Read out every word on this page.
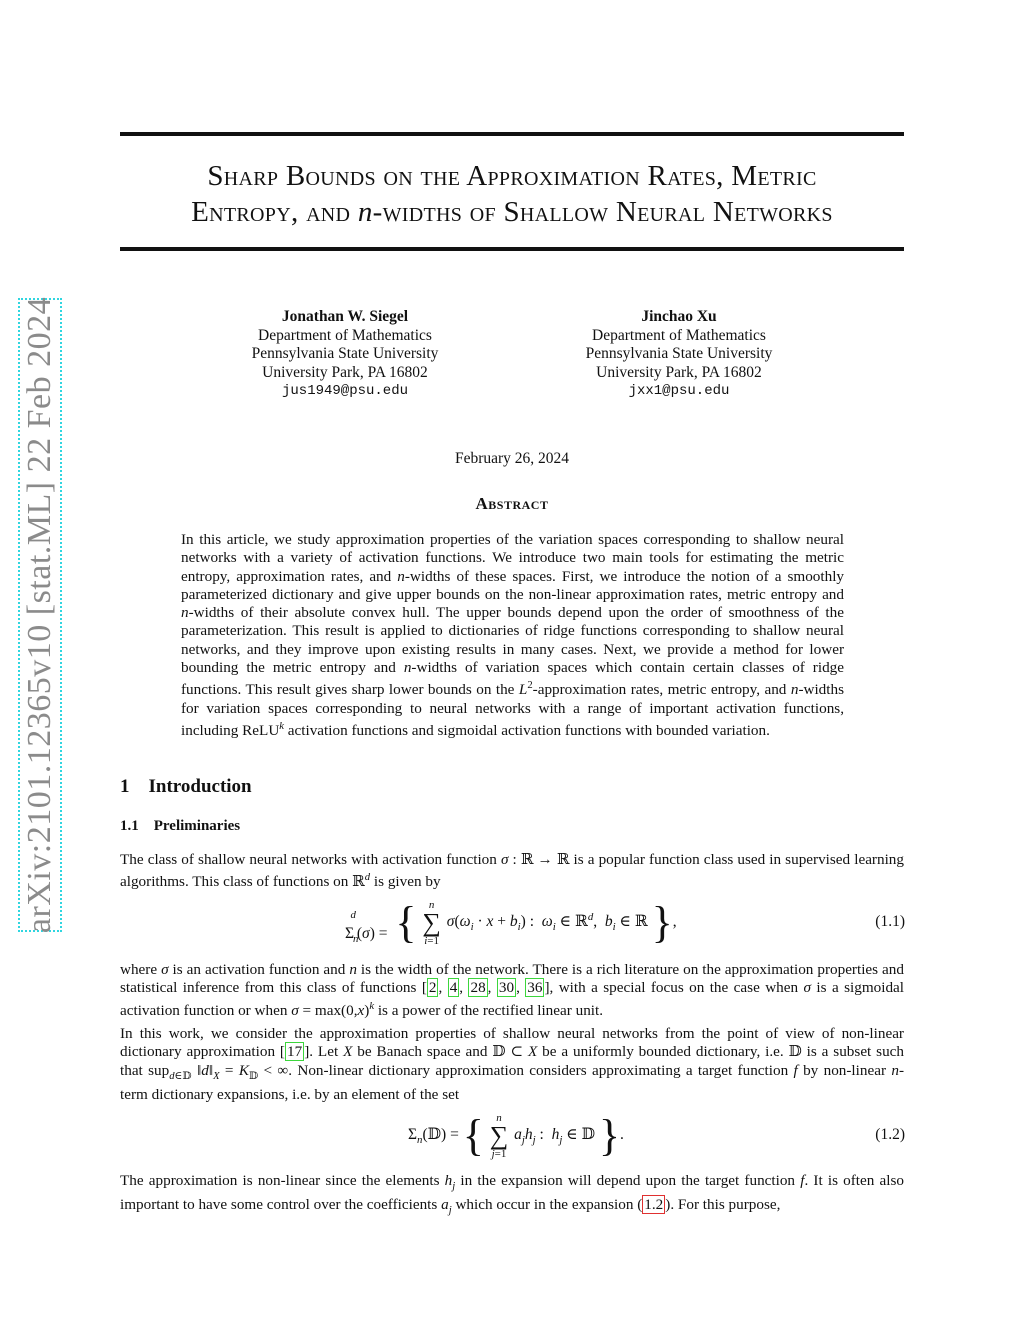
arXiv:2101.12365v10 [stat.ML] 22 Feb 2024
Sharp Bounds on the Approximation Rates, Metric
Entropy, and n-widths of Shallow Neural Networks
Jonathan W. Siegel
Department of Mathematics
Pennsylvania State University
University Park, PA 16802
jus1949@psu.edu
Jinchao Xu
Department of Mathematics
Pennsylvania State University
University Park, PA 16802
jxx1@psu.edu
February 26, 2024
Abstract
In this article, we study approximation properties of the variation spaces corresponding to shallow neural networks with a variety of activation functions. We introduce two main tools for estimating the metric entropy, approximation rates, and n-widths of these spaces. First, we introduce the notion of a smoothly parameterized dictionary and give upper bounds on the non-linear approximation rates, metric entropy and n-widths of their absolute convex hull. The upper bounds depend upon the order of smoothness of the parameterization. This result is applied to dictionaries of ridge functions corresponding to shallow neural networks, and they improve upon existing results in many cases. Next, we provide a method for lower bounding the metric entropy and n-widths of variation spaces which contain certain classes of ridge functions. This result gives sharp lower bounds on the $L^2$-approximation rates, metric entropy, and n-widths for variation spaces corresponding to neural networks with a range of important activation functions, including ReLU$^k$ activation functions and sigmoidal activation functions with bounded variation.
1 Introduction
1.1 Preliminaries
The class of shallow neural networks with activation function σ : ℝ → ℝ is a popular function class used in supervised learning algorithms. This class of functions on ℝ$^d$ is given by
$\Sigma_n^d(\sigma)$ = { n
∑
i=1
$\sigma(\omega_i \cdot x + b_i)$ :  $\omega_i$ ∈ ℝ$^d$,  $b_i$ ∈ ℝ },	(1.1)
where σ is an activation function and n is the width of the network. There is a rich literature on the approximation properties and statistical inference from this class of functions [ 2 , 4 , 28 , 30 , 36 ], with a special focus on the case when σ is a sigmoidal activation function or when $\sigma = \max(0,x)^k$ is a power of the rectified linear unit.
In this work, we consider the approximation properties of shallow neural networks from the point of view of non-linear dictionary approximation [ 17 ]. Let X be Banach space and 𝔻 ⊂ X be a uniformly bounded dictionary, i.e. 𝔻 is a subset such that sup$_{d\in 𝔻}$ $‖d‖_X = K_𝔻$ < ∞. Non-linear dictionary approximation considers approximating a target function f by non-linear n-term dictionary expansions, i.e. by an element of the set
$\Sigma_n(𝔻)$ = { n
∑
j=1
$a_jh_j$ :  $h_j$ ∈ 𝔻 }.	(1.2)
The approximation is non-linear since the elements $h_j$ in the expansion will depend upon the target function f. It is often also important to have some control over the coefficients $a_j$ which occur in the expansion ( 1.2 ). For this purpose,
